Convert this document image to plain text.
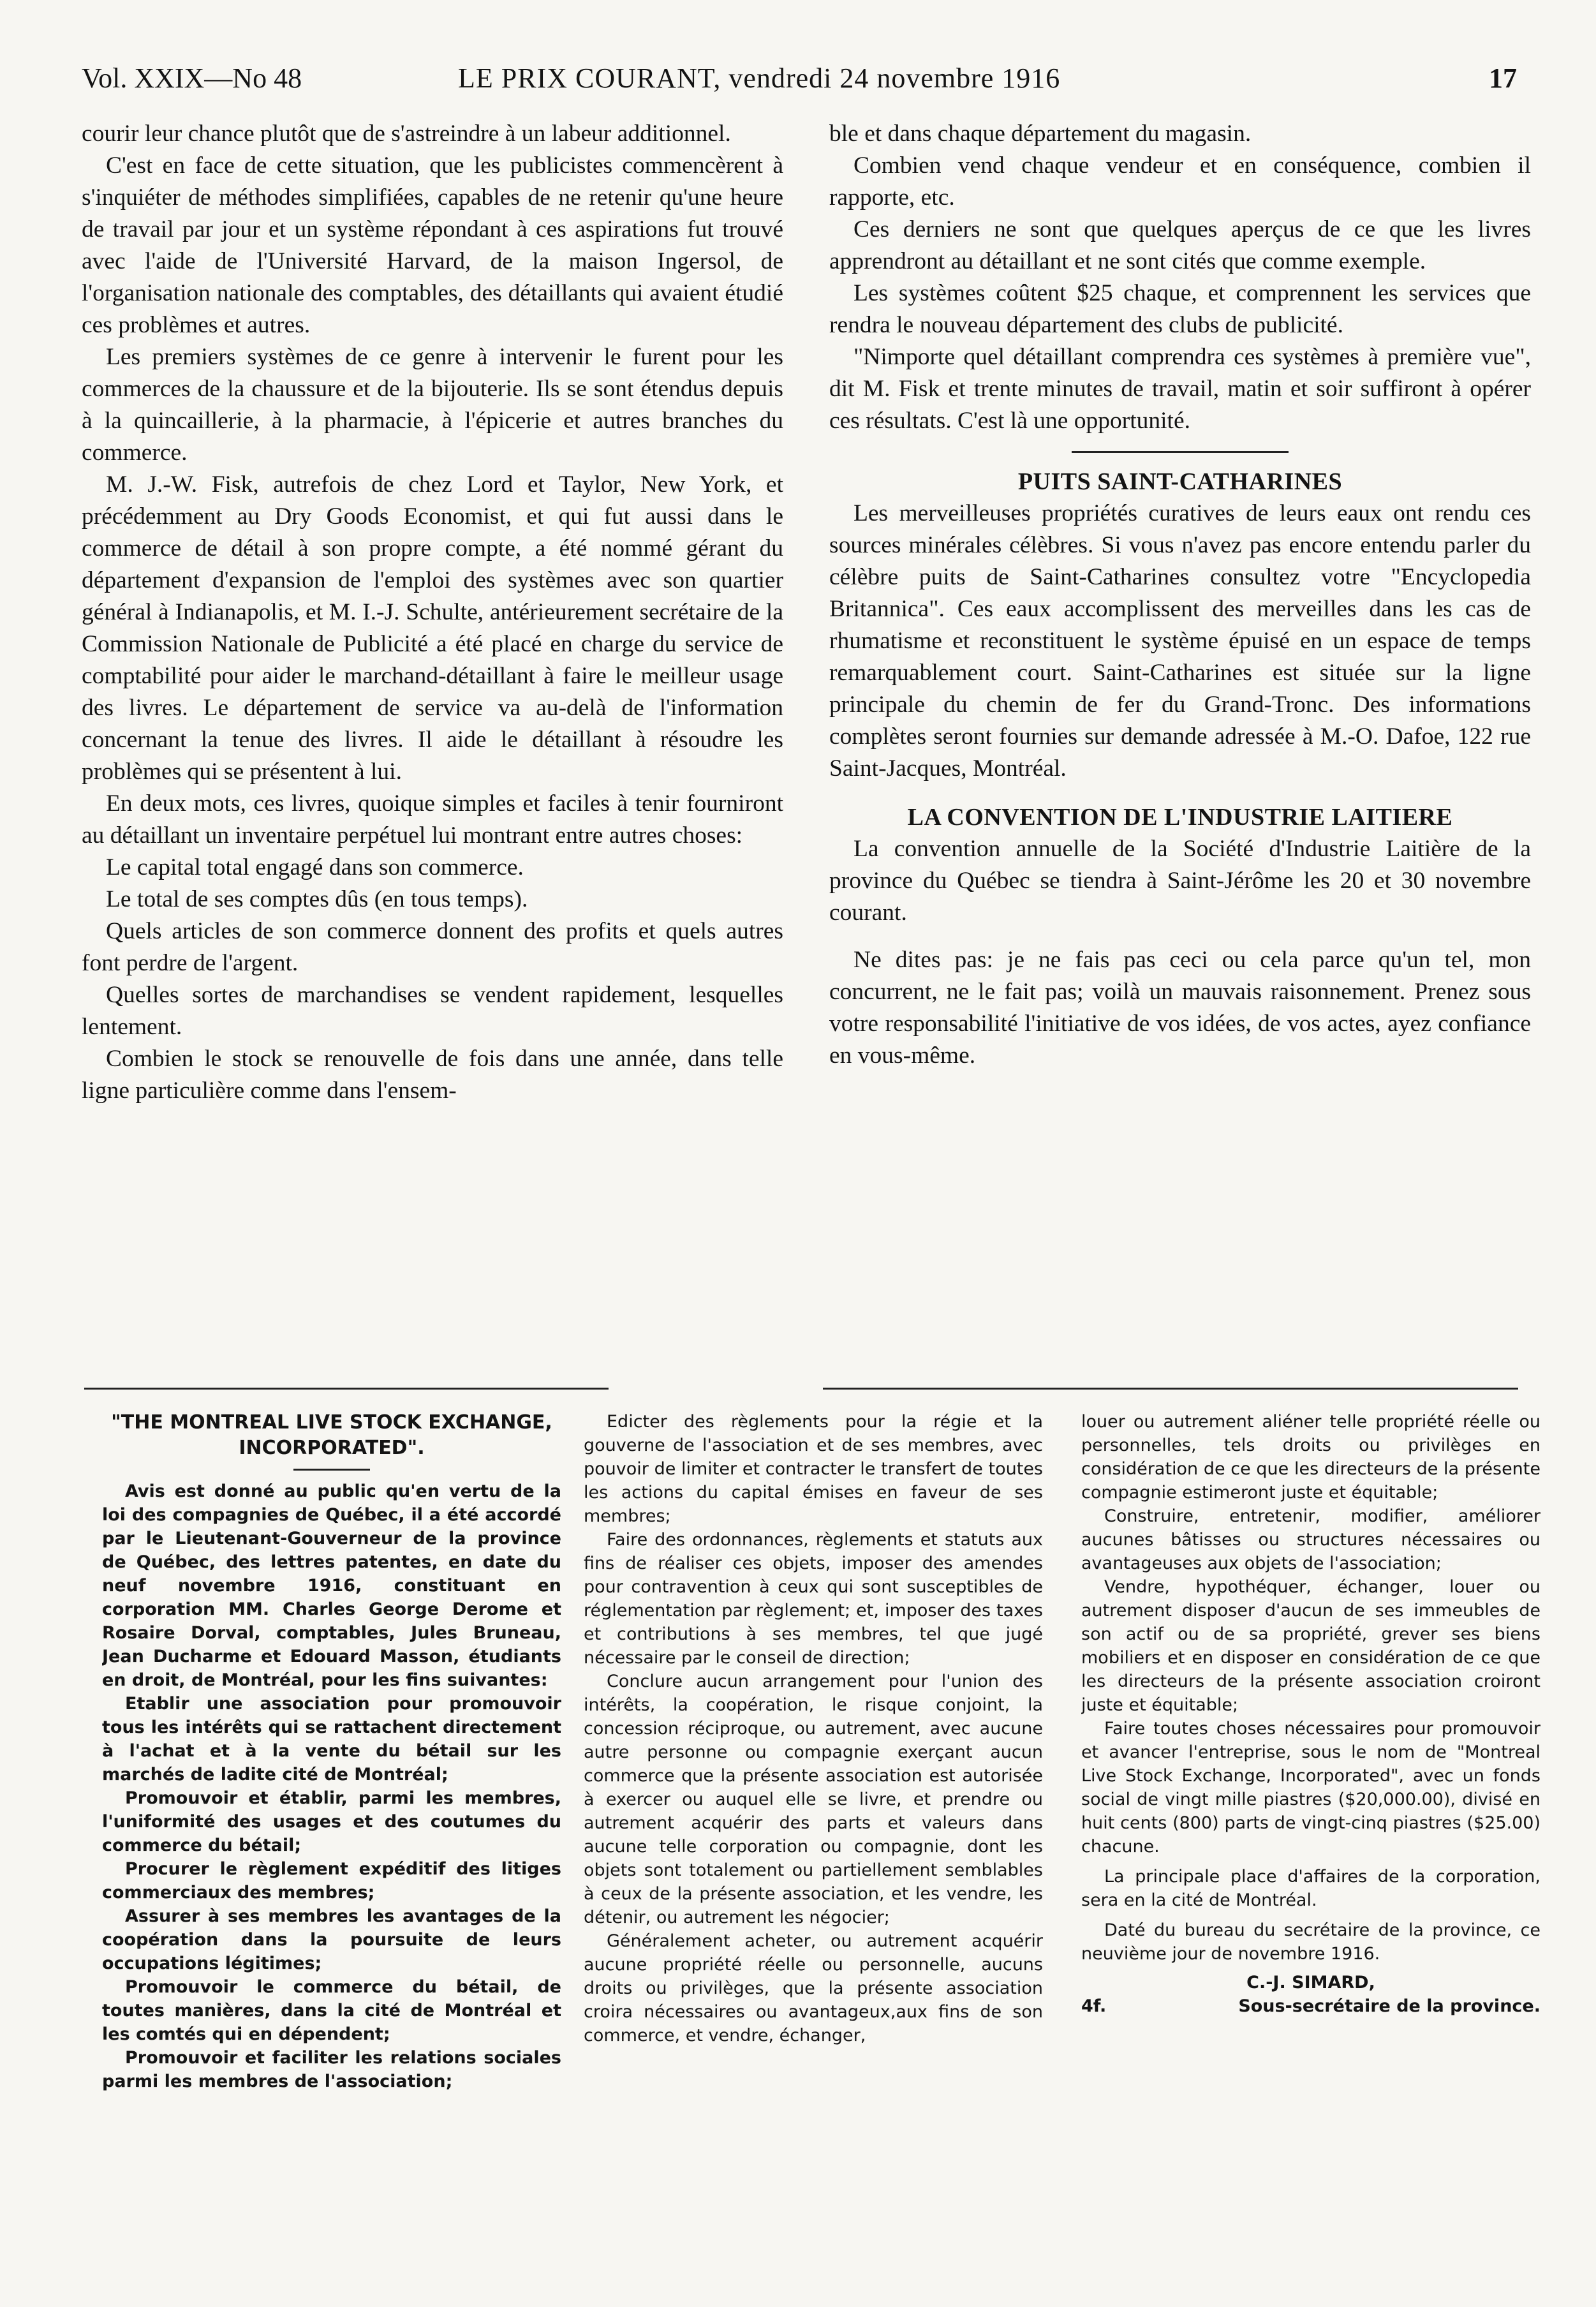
Vol. XXIX—No 48	LE PRIX COURANT, vendredi 24 novembre 1916	17

courir leur chance plutôt que de s'astreindre à un labeur additionnel.

C'est en face de cette situation, que les publicistes commencèrent à s'inquiéter de méthodes simplifiées, capables de ne retenir qu'une heure de travail par jour et un système répondant à ces aspirations fut trouvé avec l'aide de l'Université Harvard, de la maison Ingersol, de l'organisation nationale des comptables, des détaillants qui avaient étudié ces problèmes et autres.

Les premiers systèmes de ce genre à intervenir le furent pour les commerces de la chaussure et de la bijouterie. Ils se sont étendus depuis à la quincaillerie, à la pharmacie, à l'épicerie et autres branches du commerce.

M. J.-W. Fisk, autrefois de chez Lord et Taylor, New York, et précédemment au Dry Goods Economist, et qui fut aussi dans le commerce de détail à son propre compte, a été nommé gérant du département d'expansion de l'emploi des systèmes avec son quartier général à Indianapolis, et M. I.-J. Schulte, antérieurement secrétaire de la Commission Nationale de Publicité a été placé en charge du service de comptabilité pour aider le marchand-détaillant à faire le meilleur usage des livres. Le département de service va au-delà de l'information concernant la tenue des livres. Il aide le détaillant à résoudre les problèmes qui se présentent à lui.

En deux mots, ces livres, quoique simples et faciles à tenir fourniront au détaillant un inventaire perpétuel lui montrant entre autres choses:

Le capital total engagé dans son commerce.

Le total de ses comptes dûs (en tous temps).

Quels articles de son commerce donnent des profits et quels autres font perdre de l'argent.

Quelles sortes de marchandises se vendent rapidement, lesquelles lentement.

Combien le stock se renouvelle de fois dans une année, dans telle ligne particulière comme dans l'ensem-

ble et dans chaque département du magasin.

Combien vend chaque vendeur et en conséquence, combien il rapporte, etc.

Ces derniers ne sont que quelques aperçus de ce que les livres apprendront au détaillant et ne sont cités que comme exemple.

Les systèmes coûtent $25 chaque, et comprennent les services que rendra le nouveau département des clubs de publicité.

"Nimporte quel détaillant comprendra ces systèmes à première vue", dit M. Fisk et trente minutes de travail, matin et soir suffiront à opérer ces résultats. C'est là une opportunité.

PUITS SAINT-CATHARINES

Les merveilleuses propriétés curatives de leurs eaux ont rendu ces sources minérales célèbres. Si vous n'avez pas encore entendu parler du célèbre puits de Saint-Catharines consultez votre "Encyclopedia Britannica". Ces eaux accomplissent des merveilles dans les cas de rhumatisme et reconstituent le système épuisé en un espace de temps remarquablement court. Saint-Catharines est située sur la ligne principale du chemin de fer du Grand-Tronc. Des informations complètes seront fournies sur demande adressée à M.-O. Dafoe, 122 rue Saint-Jacques, Montréal.

LA CONVENTION DE L'INDUSTRIE LAITIERE

La convention annuelle de la Société d'Industrie Laitière de la province du Québec se tiendra à Saint-Jérôme les 20 et 30 novembre courant.

Ne dites pas: je ne fais pas ceci ou cela parce qu'un tel, mon concurrent, ne le fait pas; voilà un mauvais raisonnement. Prenez sous votre responsabilité l'initiative de vos idées, de vos actes, ayez confiance en vous-même.

"THE MONTREAL LIVE STOCK EXCHANGE, INCORPORATED".

Avis est donné au public qu'en vertu de la loi des compagnies de Québec, il a été accordé par le Lieutenant-Gouverneur de la province de Québec, des lettres patentes, en date du neuf novembre 1916, constituant en corporation MM. Charles George Derome et Rosaire Dorval, comptables, Jules Bruneau, Jean Ducharme et Edouard Masson, étudiants en droit, de Montréal, pour les fins suivantes:

Etablir une association pour promouvoir tous les intérêts qui se rattachent directement à l'achat et à la vente du bétail sur les marchés de ladite cité de Montréal;

Promouvoir et établir, parmi les membres, l'uniformité des usages et des coutumes du commerce du bétail;

Procurer le règlement expéditif des litiges commerciaux des membres;

Assurer à ses membres les avantages de la coopération dans la poursuite de leurs occupations légitimes;

Promouvoir le commerce du bétail, de toutes manières, dans la cité de Montréal et les comtés qui en dépendent;

Promouvoir et faciliter les relations sociales parmi les membres de l'association;

Edicter des règlements pour la régie et la gouverne de l'association et de ses membres, avec pouvoir de limiter et contracter le transfert de toutes les actions du capital émises en faveur de ses membres;

Faire des ordonnances, règlements et statuts aux fins de réaliser ces objets, imposer des amendes pour contravention à ceux qui sont susceptibles de réglementation par règlement; et, imposer des taxes et contributions à ses membres, tel que jugé nécessaire par le conseil de direction;

Conclure aucun arrangement pour l'union des intérêts, la coopération, le risque conjoint, la concession réciproque, ou autrement, avec aucune autre personne ou compagnie exerçant aucun commerce que la présente association est autorisée à exercer ou auquel elle se livre, et prendre ou autrement acquérir des parts et valeurs dans aucune telle corporation ou compagnie, dont les objets sont totalement ou partiellement semblables à ceux de la présente association, et les vendre, les détenir, ou autrement les négocier;

Généralement acheter, ou autrement acquérir aucune propriété réelle ou personnelle, aucuns droits ou privilèges, que la présente association croira nécessaires ou avantageux,aux fins de son commerce, et vendre, échanger,

louer ou autrement aliéner telle propriété réelle ou personnelles, tels droits ou privilèges en considération de ce que les directeurs de la présente compagnie estimeront juste et équitable;

Construire, entretenir, modifier, améliorer aucunes bâtisses ou structures nécessaires ou avantageuses aux objets de l'association;

Vendre, hypothéquer, échanger, louer ou autrement disposer d'aucun de ses immeubles de son actif ou de sa propriété, grever ses biens mobiliers et en disposer en considération de ce que les directeurs de la présente association croiront juste et équitable;

Faire toutes choses nécessaires pour promouvoir et avancer l'entreprise, sous le nom de "Montreal Live Stock Exchange, Incorporated", avec un fonds social de vingt mille piastres ($20,000.00), divisé en huit cents (800) parts de vingt-cinq piastres ($25.00) chacune.

La principale place d'affaires de la corporation, sera en la cité de Montréal.

Daté du bureau du secrétaire de la province, ce neuvième jour de novembre 1916.

C.-J. SIMARD,

4f.	Sous-secrétaire de la province.
